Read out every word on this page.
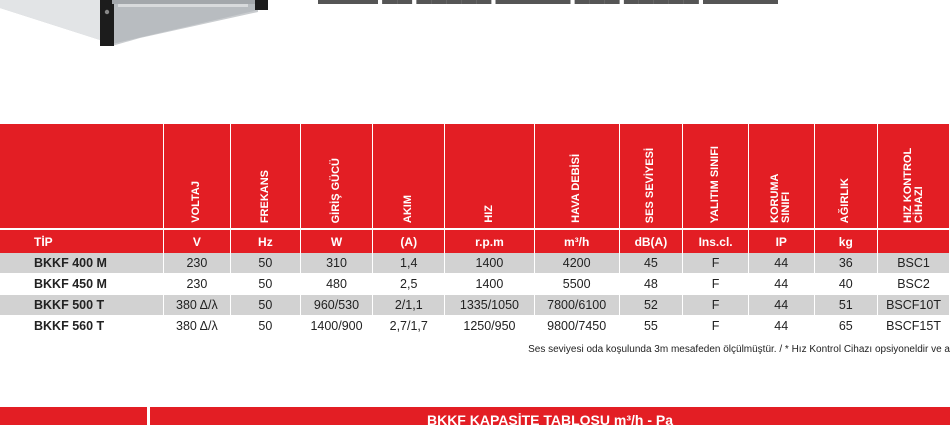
	VOLTAJ	FREKANS	GİRİŞ GÜCÜ	AKIM	HIZ	HAVA DEBİSİ	SES SEVİYESİ	YALITIM SINIFI	KORUMA SINIFI	AĞIRLIK	HIZ KONTROL CİHAZI
TİP	V	Hz	W	(A)	r.p.m	m³/h	dB(A)	Ins.cl.	IP	kg	
BKKF 400 M	230	50	310	1,4	1400	4200	45	F	44	36	BSC1
BKKF 450 M	230	50	480	2,5	1400	5500	48	F	44	40	BSC2
BKKF 500 T	380 Δ/λ	50	960/530	2/1,1	1335/1050	7800/6100	52	F	44	51	BSCF10T
BKKF 560 T	380 Δ/λ	50	1400/900	2,7/1,7	1250/950	9800/7450	55	F	44	65	BSCF15T
Ses seviyesi oda koşulunda 3m mesafeden ölçülmüştür. / * Hız Kontrol Cihazı opsiyoneldir ve a
BKKF KAPASİTE TABLOSU m³/h - Pa
